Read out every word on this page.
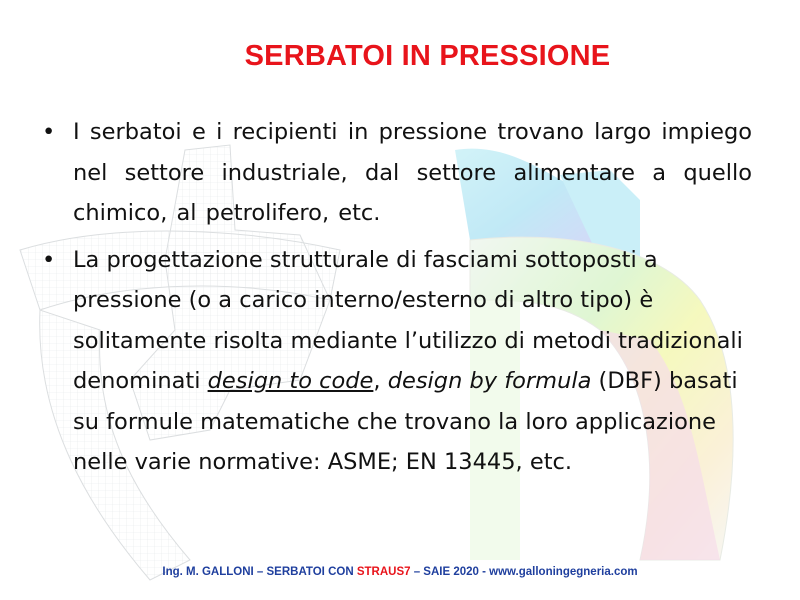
SERBATOI IN PRESSIONE
• I serbatoi e i recipienti in pressione trovano largo impiego nel settore industriale, dal settore alimentare a quello chimico, al petrolifero, etc.
• La progettazione strutturale di fasciami sottoposti a pressione (o a carico interno/esterno di altro tipo) è solitamente risolta mediante l’utilizzo di metodi tradizionali denominati design to code, design by formula (DBF) basati su formule matematiche che trovano la loro applicazione nelle varie normative: ASME; EN 13445, etc.
Ing. M. GALLONI – SERBATOI CON STRAUS7 – SAIE 2020 - www.galloningegneria.com
